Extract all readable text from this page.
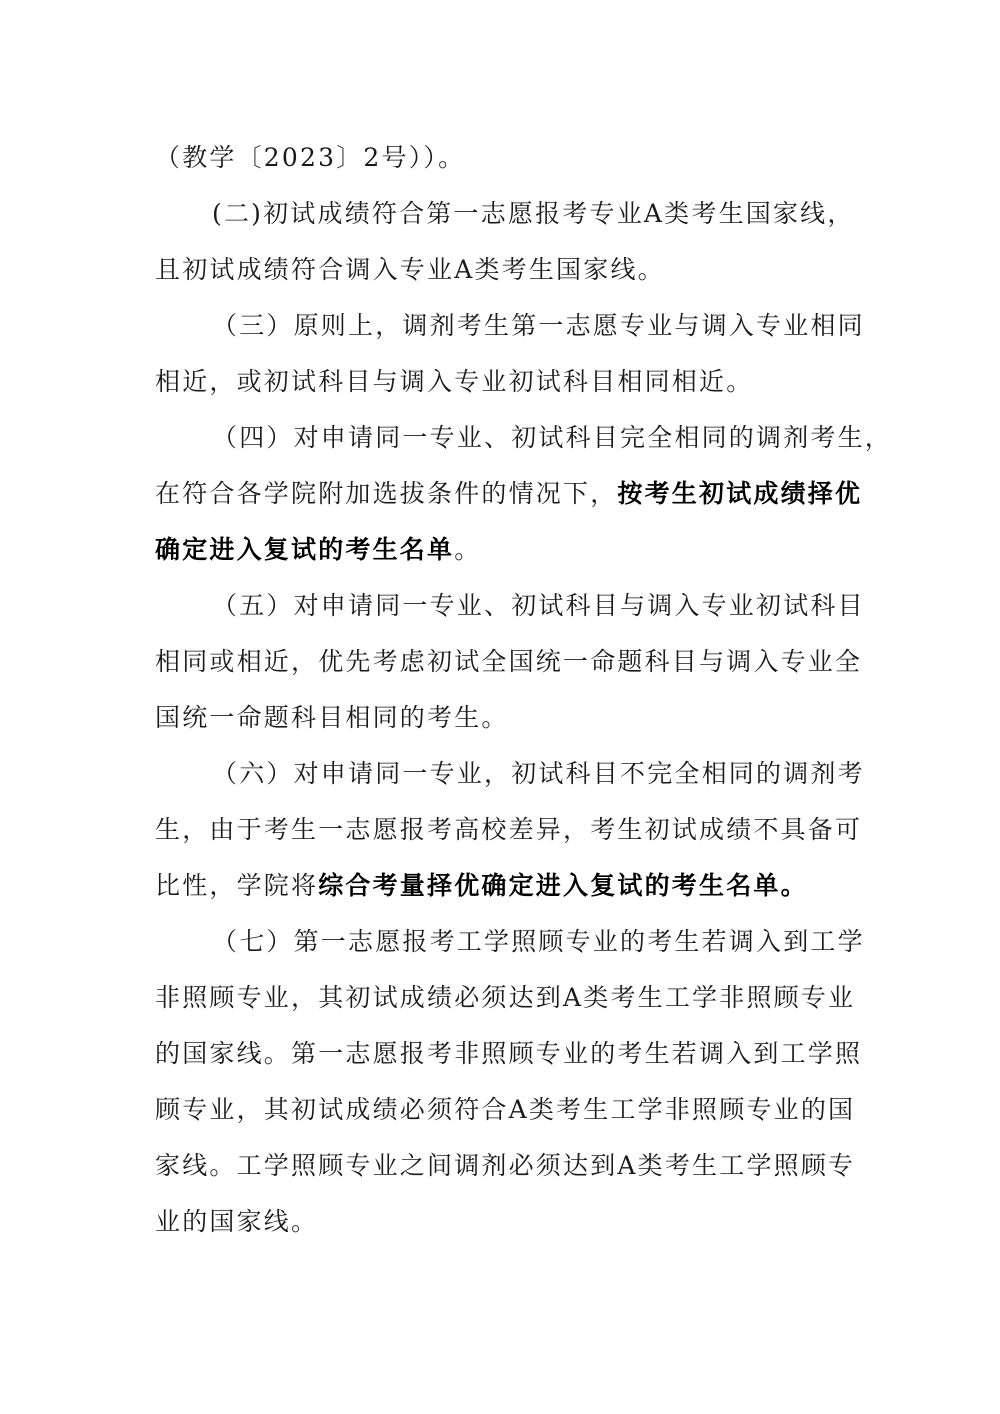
（教学〔2023〕2号））。
(二)初试成绩符合第一志愿报考专业A类考生国家线，
且初试成绩符合调入专业A类考生国家线。
（三）原则上，调剂考生第一志愿专业与调入专业相同
相近，或初试科目与调入专业初试科目相同相近。
（四）对申请同一专业、初试科目完全相同的调剂考生，
在符合各学院附加选拔条件的情况下，按考生初试成绩择优
确定进入复试的考生名单。
（五）对申请同一专业、初试科目与调入专业初试科目
相同或相近，优先考虑初试全国统一命题科目与调入专业全
国统一命题科目相同的考生。
（六）对申请同一专业，初试科目不完全相同的调剂考
生，由于考生一志愿报考高校差异，考生初试成绩不具备可
比性，学院将综合考量择优确定进入复试的考生名单。
（七）第一志愿报考工学照顾专业的考生若调入到工学
非照顾专业，其初试成绩必须达到A类考生工学非照顾专业
的国家线。第一志愿报考非照顾专业的考生若调入到工学照
顾专业，其初试成绩必须符合A类考生工学非照顾专业的国
家线。工学照顾专业之间调剂必须达到A类考生工学照顾专
业的国家线。
